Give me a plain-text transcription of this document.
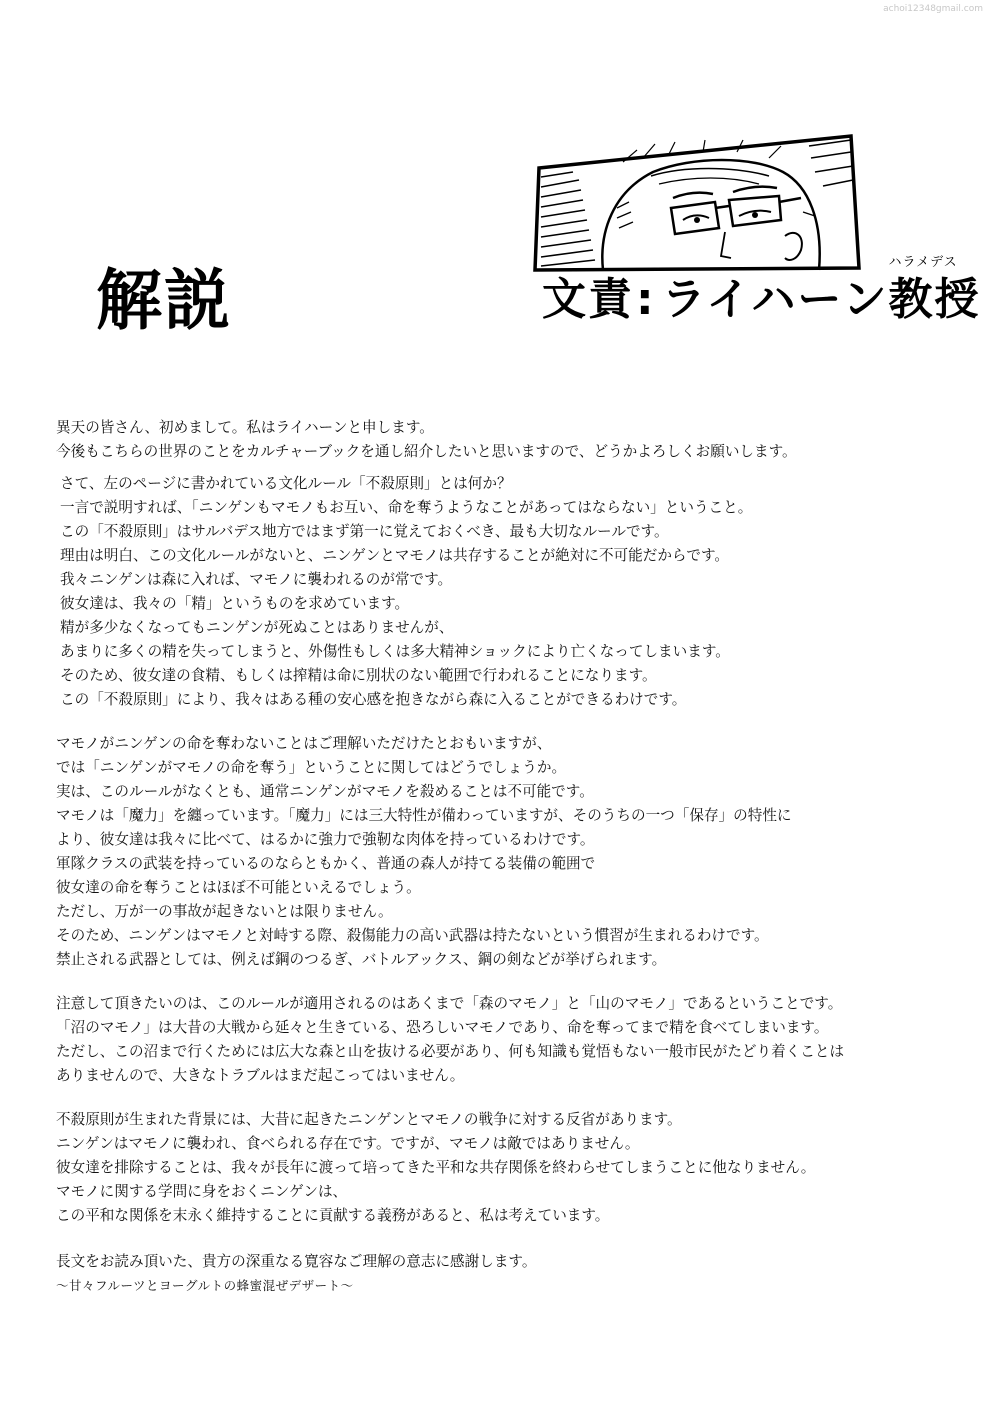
achoi12348gmail.com
解説	文責: ライハーン
ハラメデス
教授

異天の皆さん、初めまして。私はライハーンと申します。
今後もこちらの世界のことをカルチャーブックを通し紹介したいと思いますので、どうかよろしくお願いします。

さて、左のページに書かれている文化ルール「不殺原則」とは何か？
一言で説明すれば、「ニンゲンもマモノもお互い、命を奪うようなことがあってはならない」ということ。
この「不殺原則」はサルバデス地方ではまず第一に覚えておくべき、最も大切なルールです。
理由は明白、この文化ルールがないと、ニンゲンとマモノは共存することが絶対に不可能だからです。
我々ニンゲンは森に入れば、マモノに襲われるのが常です。
彼女達は、我々の「精」というものを求めています。
精が多少なくなってもニンゲンが死ぬことはありませんが、
あまりに多くの精を失ってしまうと、外傷性もしくは多大精神ショックにより亡くなってしまいます。
そのため、彼女達の食精、もしくは搾精は命に別状のない範囲で行われることになります。
この「不殺原則」により、我々はある種の安心感を抱きながら森に入ることができるわけです。

マモノがニンゲンの命を奪わないことはご理解いただけたとおもいますが、
では「ニンゲンがマモノの命を奪う」ということに関してはどうでしょうか。
実は、このルールがなくとも、通常ニンゲンがマモノを殺めることは不可能です。
マモノは「魔力」を纏っています。「魔力」には三大特性が備わっていますが、そのうちの一つ「保存」の特性に
より、彼女達は我々に比べて、はるかに強力で強靭な肉体を持っているわけです。
軍隊クラスの武装を持っているのならともかく、普通の森人が持てる装備の範囲で
彼女達の命を奪うことはほぼ不可能といえるでしょう。
ただし、万が一の事故が起きないとは限りません。
そのため、ニンゲンはマモノと対峙する際、殺傷能力の高い武器は持たないという慣習が生まれるわけです。
禁止される武器としては、例えば鋼のつるぎ、バトルアックス、鋼の剣などが挙げられます。

注意して頂きたいのは、このルールが適用されるのはあくまで「森のマモノ」と「山のマモノ」であるということです。
「沼のマモノ」は大昔の大戦から延々と生きている、恐ろしいマモノであり、命を奪ってまで精を食べてしまいます。
ただし、この沼まで行くためには広大な森と山を抜ける必要があり、何も知識も覚悟もない一般市民がたどり着くことは
ありませんので、大きなトラブルはまだ起こってはいません。

不殺原則が生まれた背景には、大昔に起きたニンゲンとマモノの戦争に対する反省があります。
ニンゲンはマモノに襲われ、食べられる存在です。ですが、マモノは敵ではありません。
彼女達を排除することは、我々が長年に渡って培ってきた平和な共存関係を終わらせてしまうことに他なりません。
マモノに関する学問に身をおくニンゲンは、
この平和な関係を末永く維持することに貢献する義務があると、私は考えています。

長文をお読み頂いた、貴方の深重なる寛容なご理解の意志に感謝します。
〜甘々フルーツとヨーグルトの蜂蜜混ぜデザート〜
